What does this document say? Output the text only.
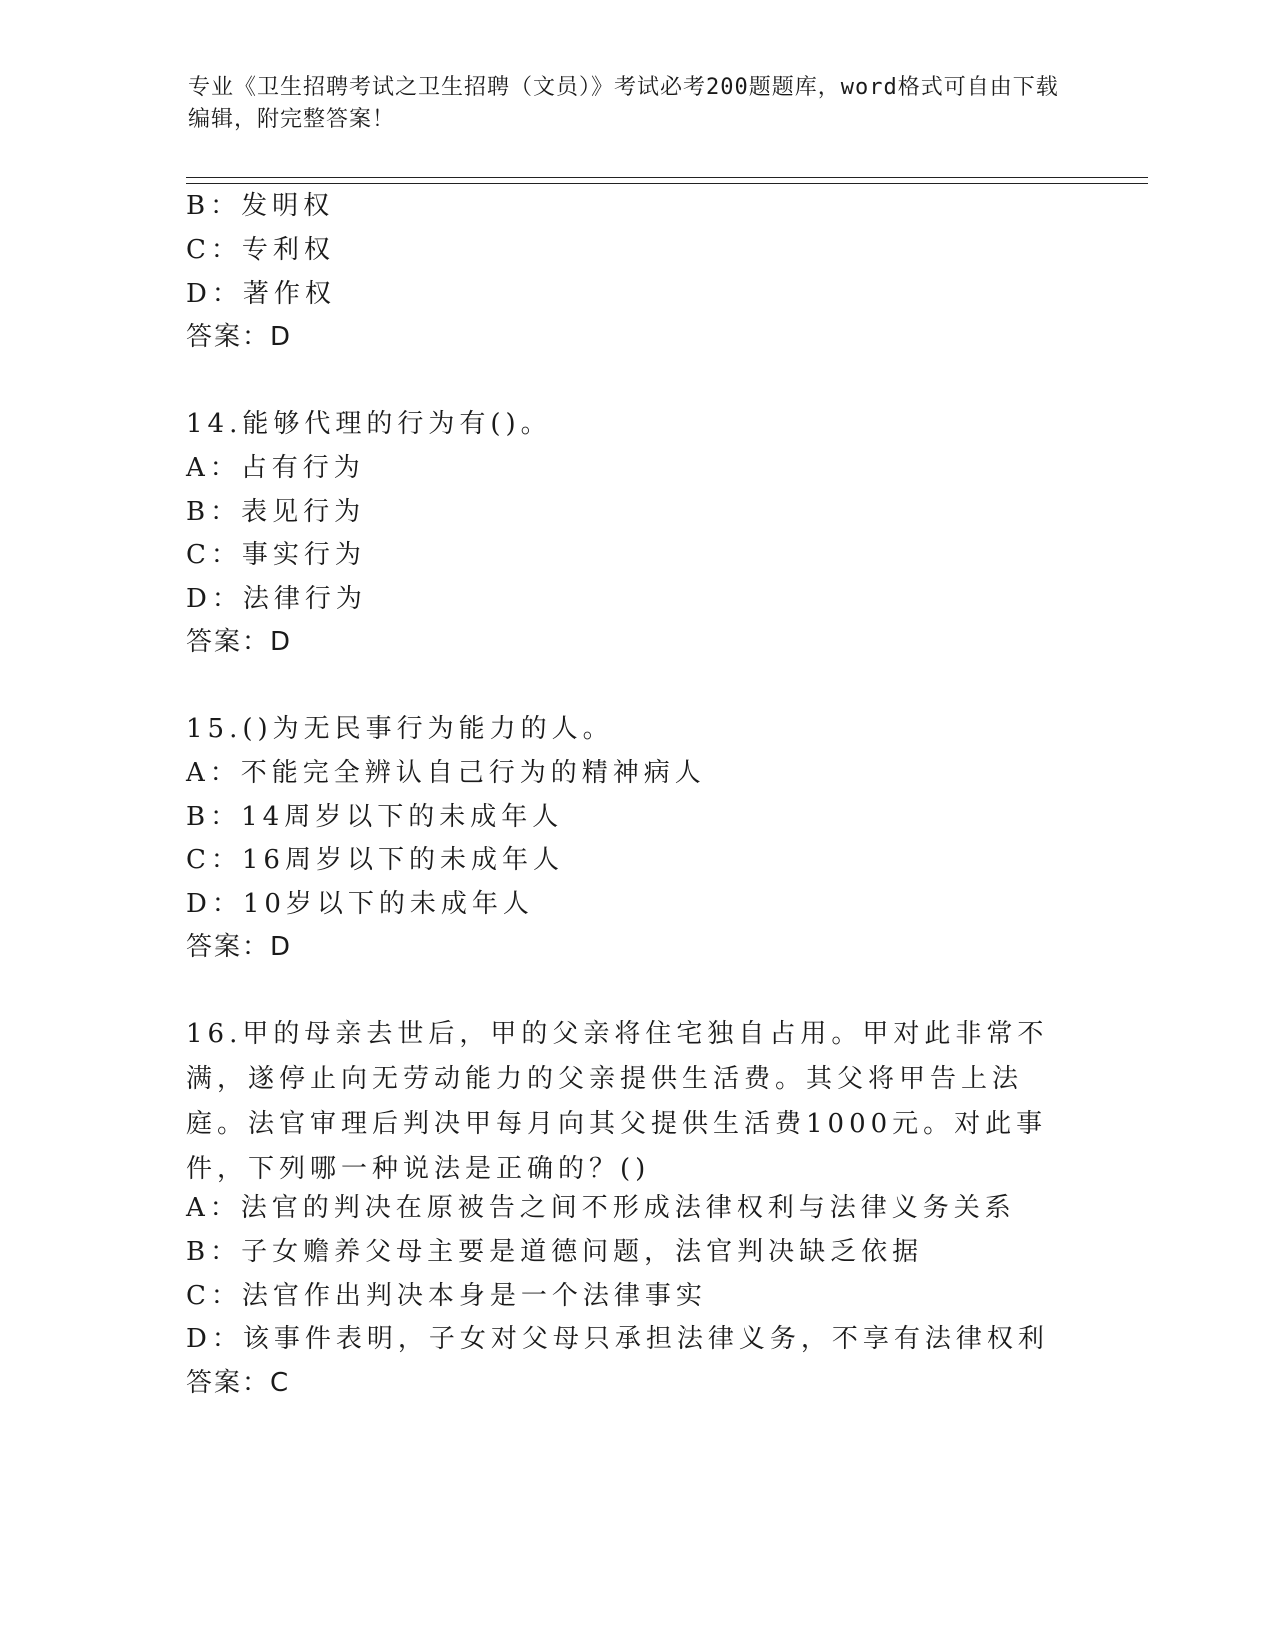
专业《卫生招聘考试之卫生招聘（文员）》考试必考200题题库，word格式可自由下载编辑，附完整答案！
B：发明权
C：专利权
D：著作权
答案：D
14.能够代理的行为有()。
A：占有行为
B：表见行为
C：事实行为
D：法律行为
答案：D
15.()为无民事行为能力的人。
A：不能完全辨认自己行为的精神病人
B：14周岁以下的未成年人
C：16周岁以下的未成年人
D：10岁以下的未成年人
答案：D
16.甲的母亲去世后，甲的父亲将住宅独自占用。甲对此非常不满，遂停止向无劳动能力的父亲提供生活费。其父将甲告上法庭。法官审理后判决甲每月向其父提供生活费1000元。对此事件，下列哪一种说法是正确的？()
A：法官的判决在原被告之间不形成法律权利与法律义务关系
B：子女赡养父母主要是道德问题，法官判决缺乏依据
C：法官作出判决本身是一个法律事实
D：该事件表明，子女对父母只承担法律义务，不享有法律权利
答案：C
